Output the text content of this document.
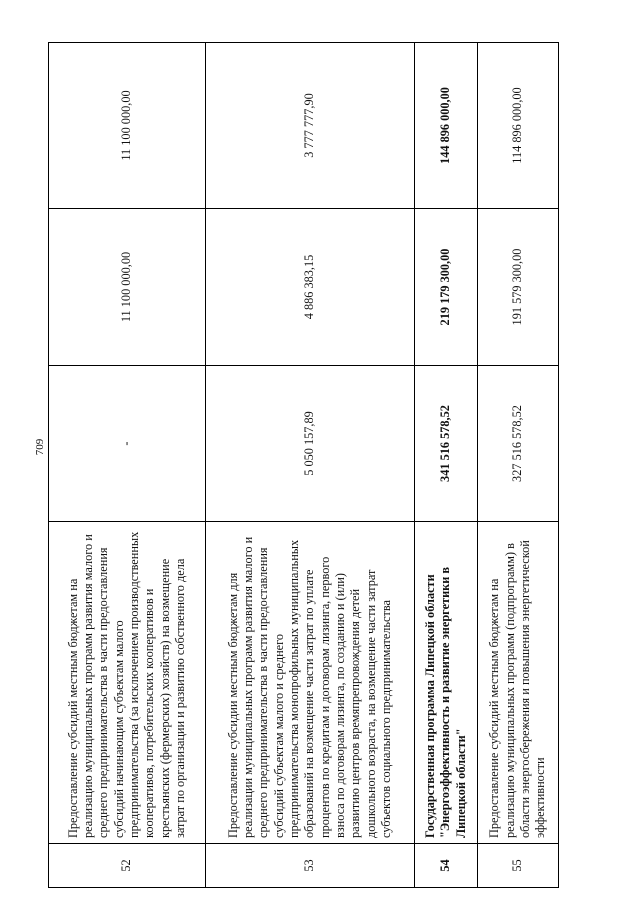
709
52	Предоставление субсидий местным бюджетам на реализацию муниципальных программ развития малого и среднего предпринимательства в части предоставления субсидий начинающим субъектам малого предпринимательства (за исключением производственных кооперативов, потребительских кооперативов и крестьянских (фермерских) хозяйств) на возмещение затрат по организации и развитию собственного дела	-	11 100 000,00	11 100 000,00
53	Предоставление субсидии местным бюджетам для реализации муниципальных программ развития малого и среднего предпринимательства в части предоставления субсидий субъектам малого и среднего предпринимательства монопрофильных муниципальных образований на возмещение части затрат по уплате процентов по кредитам и договорам лизинга, первого взноса по договорам лизинга, по созданию и (или) развитию центров времяпрепровождения детей дошкольного возраста, на возмещение части затрат субъектов социального предпринимательства	5 050 157,89	4 886 383,15	3 777 777,90
54	Государственная программа Липецкой области "Энергоэффективность и развитие энергетики в Липецкой области"	341 516 578,52	219 179 300,00	144 896 000,00
55	Предоставление субсидий местным бюджетам на реализацию муниципальных программ (подпрограмм) в области энергосбережения и повышения энергетической эффективности	327 516 578,52	191 579 300,00	114 896 000,00
